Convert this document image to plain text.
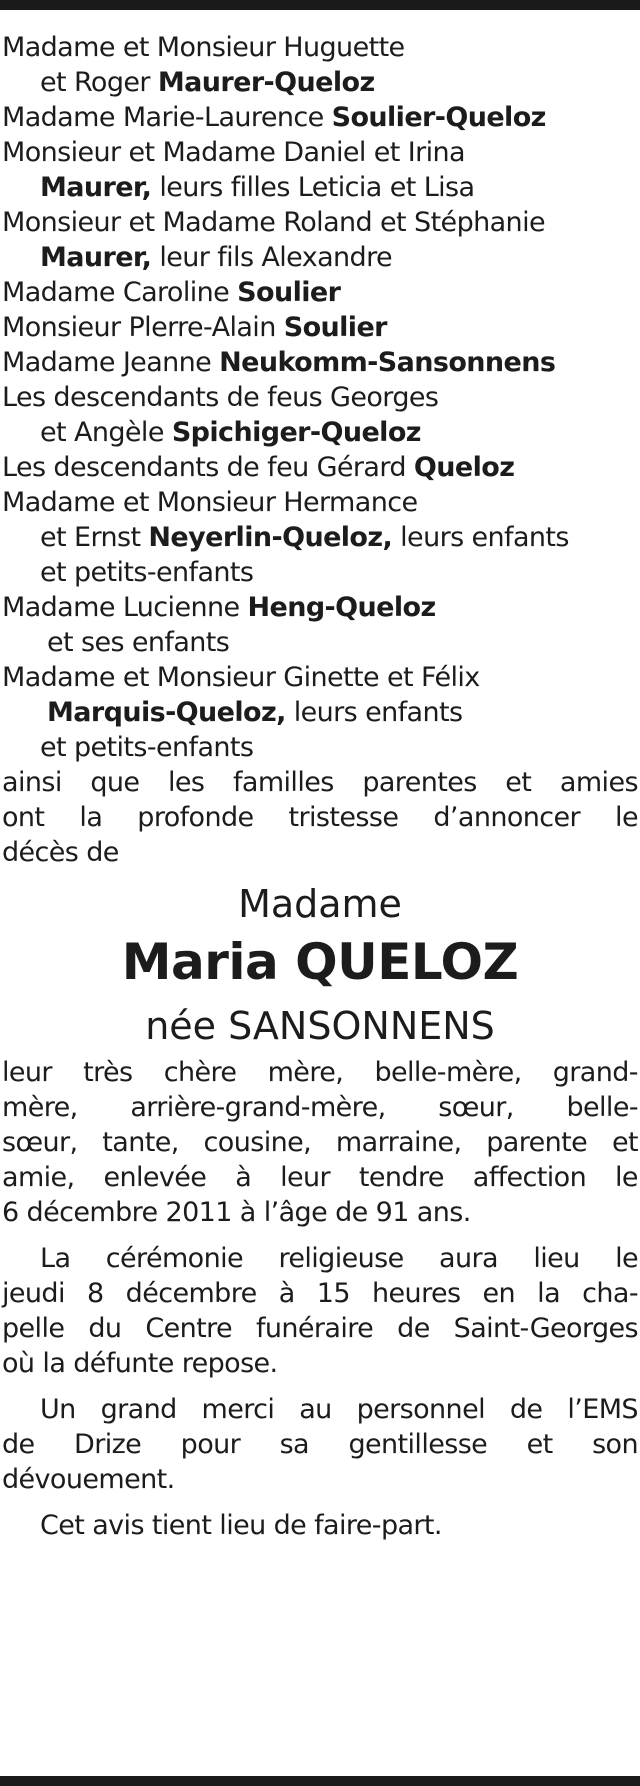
Madame et Monsieur Huguette
et Roger Maurer-Queloz
Madame Marie-Laurence Soulier-Queloz
Monsieur et Madame Daniel et Irina
Maurer, leurs filles Leticia et Lisa
Monsieur et Madame Roland et Stéphanie
Maurer, leur fils Alexandre
Madame Caroline Soulier
Monsieur Plerre-Alain Soulier
Madame Jeanne Neukomm-Sansonnens
Les descendants de feus Georges
et Angèle Spichiger-Queloz
Les descendants de feu Gérard Queloz
Madame et Monsieur Hermance
et Ernst Neyerlin-Queloz, leurs enfants
et petits-enfants
Madame Lucienne Heng-Queloz
et ses enfants
Madame et Monsieur Ginette et Félix
Marquis-Queloz, leurs enfants
et petits-enfants
ainsi que les familles parentes et amies
ont la profonde tristesse d’annoncer le
décès de
Madame
Maria QUELOZ
née SANSONNENS
leur très chère mère, belle-mère, grand-
mère, arrière-grand-mère, sœur, belle-
sœur, tante, cousine, marraine, parente et
amie, enlevée à leur tendre affection le
6 décembre 2011 à l’âge de 91 ans.
La cérémonie religieuse aura lieu le
jeudi 8 décembre à 15 heures en la cha-
pelle du Centre funéraire de Saint-Georges
où la défunte repose.
Un grand merci au personnel de l’EMS
de Drize pour sa gentillesse et son
dévouement.
Cet avis tient lieu de faire-part.
